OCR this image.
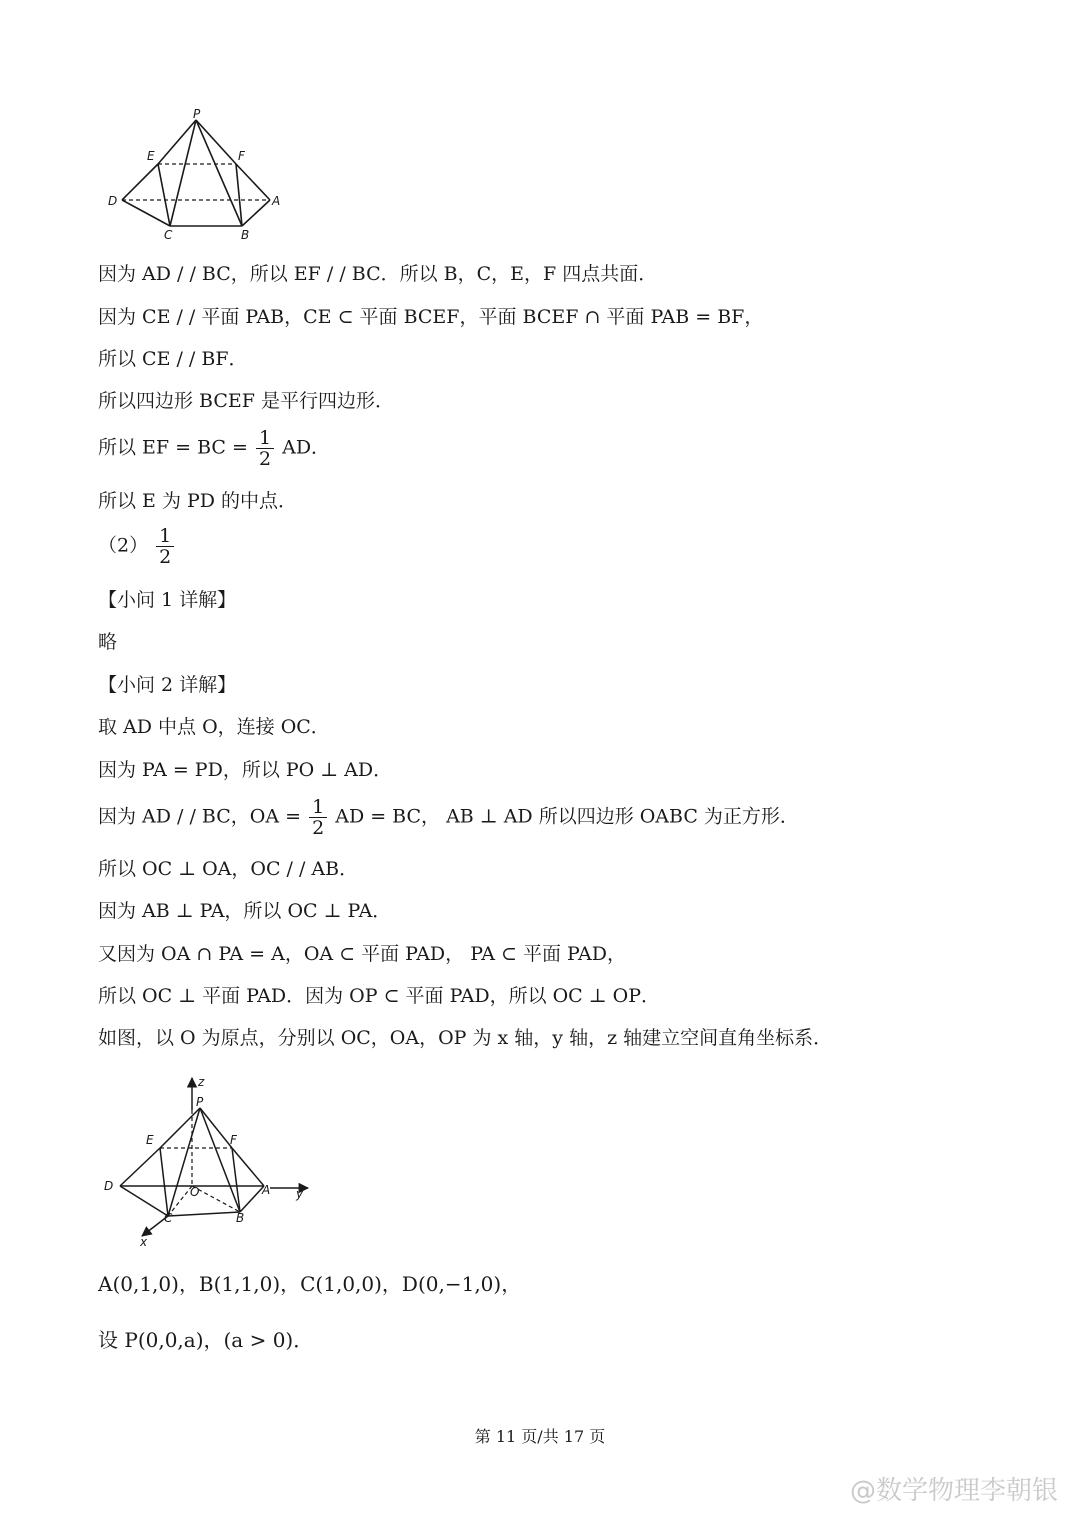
P
E	F
D	A
C	B
因为 AD / / BC，所以 EF / / BC．所以 B，C，E，F 四点共面．
因为 CE / / 平面 PAB，CE ⊂ 平面 BCEF，平面 BCEF ∩ 平面 PAB = BF，
所以 CE / / BF．
所以四边形 BCEF 是平行四边形．
所以 EF = BC = $\frac{1}{2}$ AD．
所以 E 为 PD 的中点．
$(2) \frac{1}{2}$
【小问 1 详解】
略
【小问 2 详解】
取 AD 中点 O，连接 OC．
因为 PA = PD，所以 PO ⊥ AD．
因为 AD / / BC，OA = $\frac{1}{2}$ AD = BC， AB ⊥ AD 所以四边形 OABC 为正方形．
所以 OC ⊥ OA，OC / / AB．
因为 AB ⊥ PA，所以 OC ⊥ PA．
又因为 OA ∩ PA = A，OA ⊂ 平面 PAD， PA ⊂ 平面 PAD，
所以 OC ⊥ 平面 PAD．因为 OP ⊂ 平面 PAD，所以 OC ⊥ OP．
如图，以 O 为原点，分别以 OC，OA，OP 为 x 轴，y 轴，z 轴建立空间直角坐标系．
z
P
E	F
D	O	A y
C	B
x
A(0,1,0)，B(1,1,0)，C(1,0,0)，D(0,−1,0)，
设 P(0,0,a)，(a > 0)．
第 11 页/共 17 页
@数学物理李朝银
